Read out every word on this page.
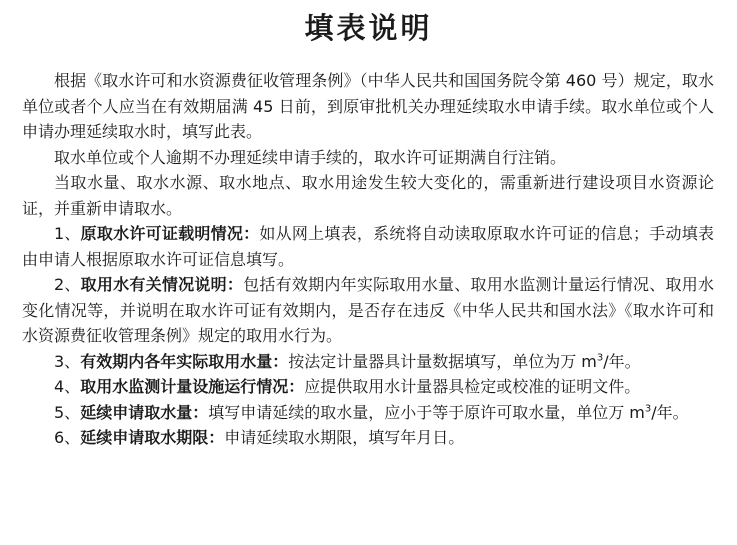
填表说明

根据《取水许可和水资源费征收管理条例》（中华人民共和国国务院令第 460 号）规定，取水单位或者个人应当在有效期届满 45 日前，到原审批机关办理延续取水申请手续。取水单位或个人申请办理延续取水时，填写此表。

取水单位或个人逾期不办理延续申请手续的，取水许可证期满自行注销。

当取水量、取水水源、取水地点、取水用途发生较大变化的，需重新进行建设项目水资源论证，并重新申请取水。

1、原取水许可证载明情况：如从网上填表，系统将自动读取原取水许可证的信息；手动填表由申请人根据原取水许可证信息填写。

2、取用水有关情况说明：包括有效期内年实际取用水量、取用水监测计量运行情况、取用水变化情况等，并说明在取水许可证有效期内，是否存在违反《中华人民共和国水法》《取水许可和水资源费征收管理条例》规定的取用水行为。

3、有效期内各年实际取用水量：按法定计量器具计量数据填写，单位为万 $m^3/$年。

4、取用水监测计量设施运行情况：应提供取用水计量器具检定或校准的证明文件。

5、延续申请取水量：填写申请延续的取水量，应小于等于原许可取水量，单位万 $m^3/$年。

6、延续申请取水期限：申请延续取水期限，填写年月日。
